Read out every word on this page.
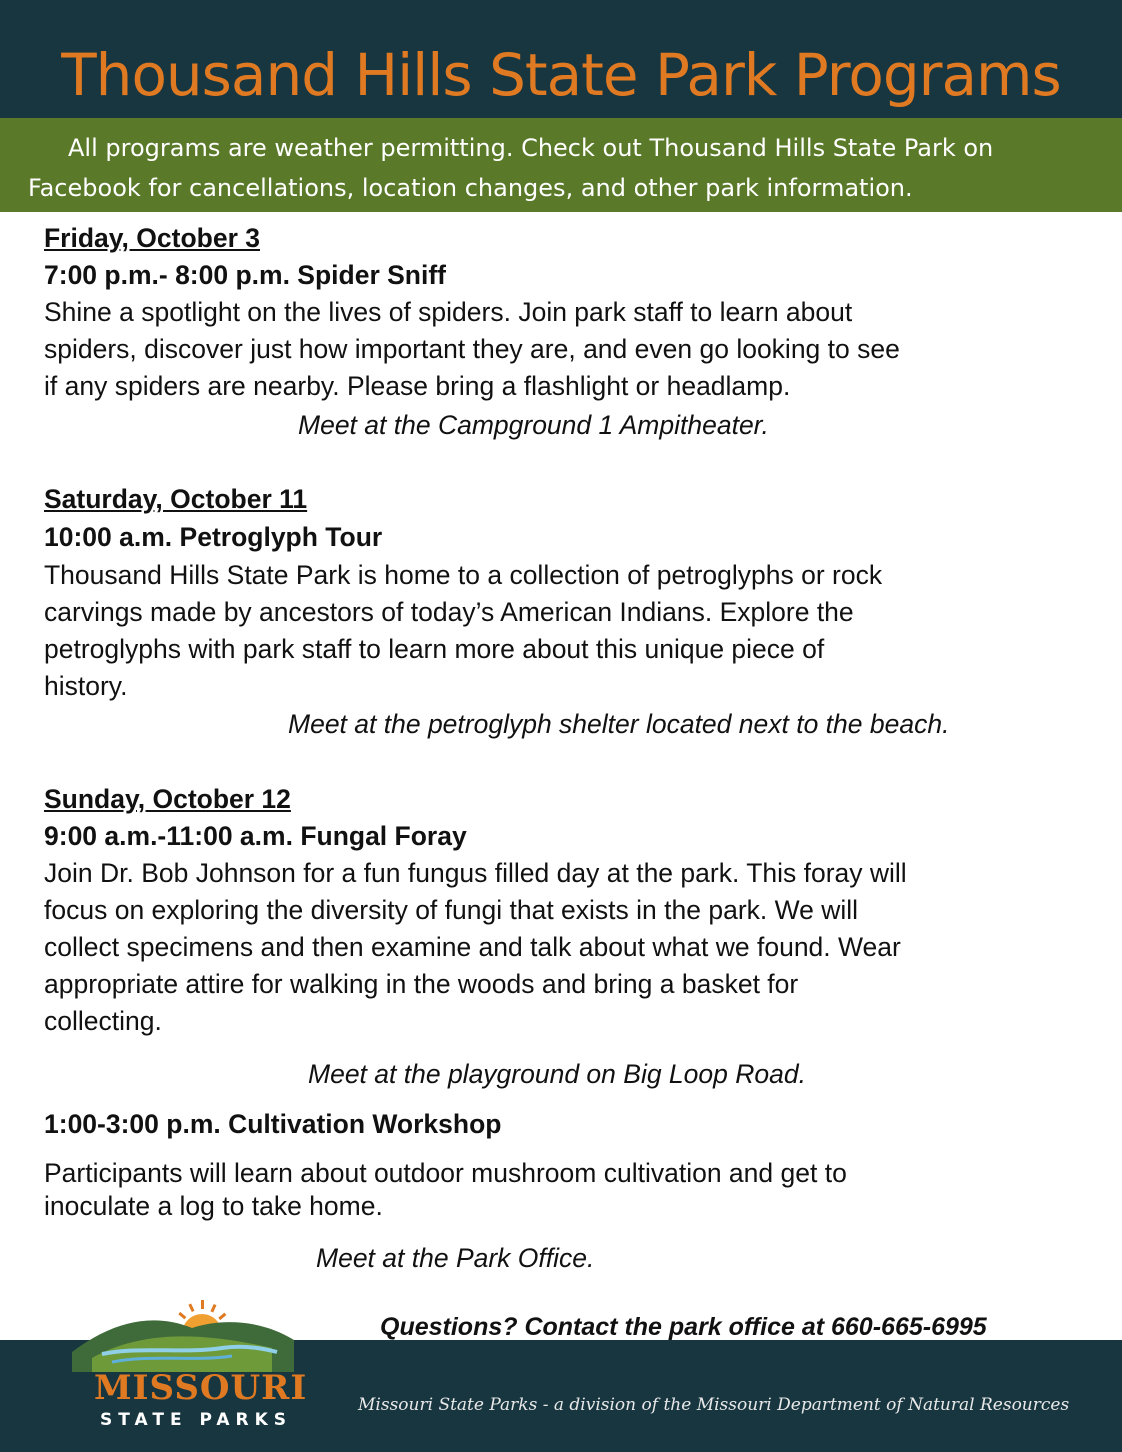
Thousand Hills State Park Programs
All programs are weather permitting. Check out Thousand Hills State Park on
Facebook for cancellations, location changes, and other park information.
Friday, October 3
7:00 p.m.- 8:00 p.m. Spider Sniff
Shine a spotlight on the lives of spiders. Join park staff to learn about
spiders, discover just how important they are, and even go looking to see
if any spiders are nearby. Please bring a flashlight or headlamp.
Meet at the Campground 1 Ampitheater.
Saturday, October 11
10:00 a.m. Petroglyph Tour
Thousand Hills State Park is home to a collection of petroglyphs or rock
carvings made by ancestors of today’s American Indians. Explore the
petroglyphs with park staff to learn more about this unique piece of
history.
Meet at the petroglyph shelter located next to the beach.
Sunday, October 12
9:00 a.m.-11:00 a.m. Fungal Foray
Join Dr. Bob Johnson for a fun fungus filled day at the park. This foray will
focus on exploring the diversity of fungi that exists in the park. We will
collect specimens and then examine and talk about what we found. Wear
appropriate attire for walking in the woods and bring a basket for
collecting.
Meet at the playground on Big Loop Road.
1:00-3:00 p.m. Cultivation Workshop
Participants will learn about outdoor mushroom cultivation and get to
inoculate a log to take home.
Meet at the Park Office.
Questions? Contact the park office at 660-665-6995
MISSOURI
STATE PARKS
Missouri State Parks - a division of the Missouri Department of Natural Resources
